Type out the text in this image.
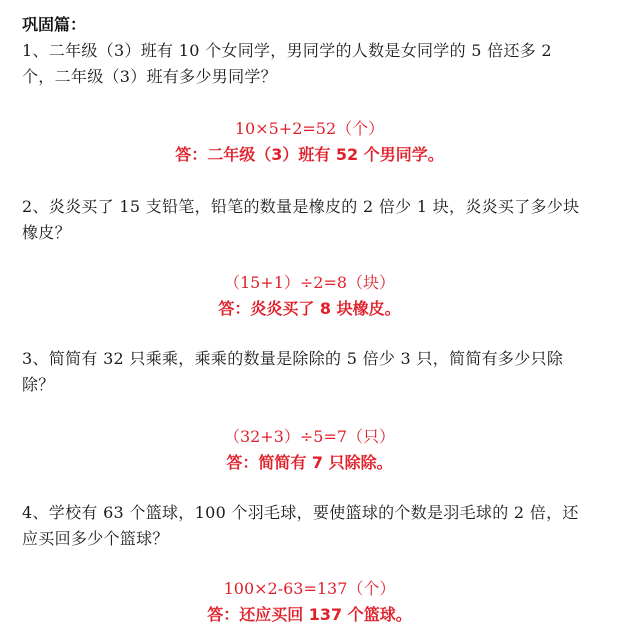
巩固篇：
1、二年级（3）班有 10 个女同学，男同学的人数是女同学的 5 倍还多 2 个，二年级（3）班有多少男同学？
10×5+2=52（个）
答：二年级（3）班有 52 个男同学。
2、炎炎买了 15 支铅笔，铅笔的数量是橡皮的 2 倍少 1 块，炎炎买了多少块橡皮？
（15+1）÷2=8（块）
答：炎炎买了 8 块橡皮。
3、简简有 32 只乘乘，乘乘的数量是除除的 5 倍少 3 只，简简有多少只除除？
（32+3）÷5=7（只）
答：简简有 7 只除除。
4、学校有 63 个篮球，100 个羽毛球，要使篮球的个数是羽毛球的 2 倍，还应买回多少个篮球？
100×2-63=137（个）
答：还应买回 137 个篮球。
